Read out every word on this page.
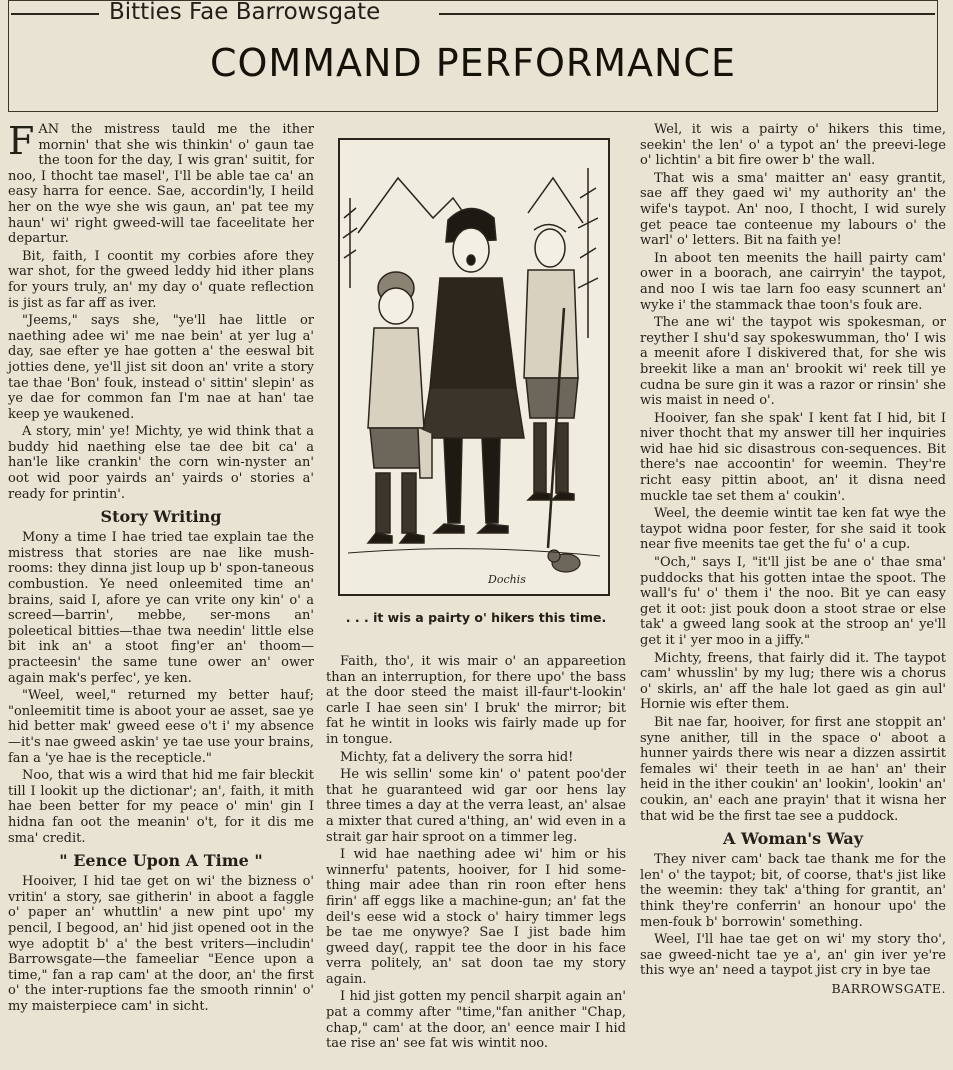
Bitties Fae Barrowsgate
COMMAND PERFORMANCE

FAN the mistress tauld me the ither mornin' that she wis thinkin' o' gaun tae the toon for the day, I wis gran' suitit, for noo, I thocht tae masel', I'll be able tae ca' an easy harra for eence. Sae, accordin'ly, I heild her on the wye she wis gaun, an' pat tee my haun' wi' right gweed-will tae faceelitate her departur.

Bit, faith, I coontit my corbies afore they war shot, for the gweed leddy hid ither plans for yours truly, an' my day o' quate reflection is jist as far aff as iver.

"Jeems," says she, "ye'll hae little or naething adee wi' me nae bein' at yer lug a' day, sae efter ye hae gotten a' the eeswal bit jotties dene, ye'll jist sit doon an' vrite a story tae thae 'Bon' fouk, instead o' sittin' slepin' as ye dae for common fan I'm nae at han' tae keep ye waukened.

A story, min' ye! Michty, ye wid think that a buddy hid naething else tae dee bit ca' a han'le like crankin' the corn win-nyster an' oot wid poor yairds an' yairds o' stories a' ready for printin'.

Story Writing

Mony a time I hae tried tae explain tae the mistress that stories are nae like mush-rooms: they dinna jist loup up b' spon-taneous combustion. Ye need onleemited time an' brains, said I, afore ye can vrite ony kin' o' a screed—barrin', mebbe, ser-mons an' poleetical bitties—thae twa needin' little else bit ink an' a stoot fing'er an' thoom—practeesin' the same tune ower an' ower again mak's perfec', ye ken.

"Weel, weel," returned my better hauf; "onleemitit time is aboot your ae asset, sae ye hid better mak' gweed eese o't i' my absence—it's nae gweed askin' ye tae use your brains, fan a 'ye hae is the recepticle."

Noo, that wis a wird that hid me fair bleckit till I lookit up the dictionar'; an', faith, it mith hae been better for my peace o' min' gin I hidna fan oot the meanin' o't, for it dis me sma' credit.

" Eence Upon A Time "

Hooiver, I hid tae get on wi' the bizness o' vritin' a story, sae githerin' in aboot a faggle o' paper an' whuttlin' a new pint upo' my pencil, I begood, an' hid jist opened oot in the wye adoptit b' a' the best vriters—includin' Barrowsgate—the fameeliar "Eence upon a time," fan a rap cam' at the door, an' the first o' the inter-ruptions fae the smooth rinnin' o' my maisterpiece cam' in sicht.

Dochis
. . . it wis a pairty o' hikers this time.

Faith, tho', it wis mair o' an appareetion than an interruption, for there upo' the bass at the door steed the maist ill-faur't-lookin' carle I hae seen sin' I bruk' the mirror; bit fat he wintit in looks wis fairly made up for in tongue.

Michty, fat a delivery the sorra hid!

He wis sellin' some kin' o' patent poo'der that he guaranteed wid gar oor hens lay three times a day at the verra least, an' alsae a mixter that cured a'thing, an' wid even in a strait gar hair sproot on a timmer leg.

I wid hae naething adee wi' him or his winnerfu' patents, hooiver, for I hid some-thing mair adee than rin roon efter hens firin' aff eggs like a machine-gun; an' fat the deil's eese wid a stock o' hairy timmer legs be tae me onywye? Sae I jist bade him gweed day(, rappit tee the door in his face verra politely, an' sat doon tae my story again.

I hid jist gotten my pencil sharpit again an' pat a commy after "time,"fan anither "Chap, chap," cam' at the door, an' eence mair I hid tae rise an' see fat wis wintit noo.

Wel, it wis a pairty o' hikers this time, seekin' the len' o' a typot an' the preevi-lege o' lichtin' a bit fire ower b' the wall.

That wis a sma' maitter an' easy grantit, sae aff they gaed wi' my authority an' the wife's taypot. An' noo, I thocht, I wid surely get peace tae conteenue my labours o' the warl' o' letters. Bit na faith ye!

In aboot ten meenits the haill pairty cam' ower in a boorach, ane cairryin' the taypot, and noo I wis tae larn foo easy scunnert an' wyke i' the stammack thae toon's fouk are.

The ane wi' the taypot wis spokesman, or reyther I shu'd say spokeswumman, tho' I wis a meenit afore I diskivered that, for she wis breekit like a man an' brookit wi' reek till ye cudna be sure gin it was a razor or rinsin' she wis maist in need o'.

Hooiver, fan she spak' I kent fat I hid, bit I niver thocht that my answer till her inquiries wid hae hid sic disastrous con-sequences. Bit there's nae accoontin' for weemin. They're richt easy pittin aboot, an' it disna need muckle tae set them a' coukin'.

Weel, the deemie wintit tae ken fat wye the taypot widna poor fester, for she said it took near five meenits tae get the fu' o' a cup.

"Och," says I, "it'll jist be ane o' thae sma' puddocks that his gotten intae the spoot. The wall's fu' o' them i' the noo. Bit ye can easy get it oot: jist pouk doon a stoot strae or else tak' a gweed lang sook at the stroop an' ye'll get it i' yer moo in a jiffy."

Michty, freens, that fairly did it. The taypot cam' whusslin' by my lug; there wis a chorus o' skirls, an' aff the hale lot gaed as gin aul' Hornie wis efter them.

Bit nae far, hooiver, for first ane stoppit an' syne anither, till in the space o' aboot a hunner yairds there wis near a dizzen assirtit females wi' their teeth in ae han' an' their heid in the ither coukin' an' lookin', lookin' an' coukin, an' each ane prayin' that it wisna her that wid be the first tae see a puddock.

A Woman's Way

They niver cam' back tae thank me for the len' o' the taypot; bit, of coorse, that's jist like the weemin: they tak' a'thing for grantit, an' think they're conferrin' an honour upo' the men-fouk b' borrowin' something.

Weel, I'll hae tae get on wi' my story tho', sae gweed-nicht tae ye a', an' gin iver ye're this wye an' need a taypot jist cry in bye tae

BARROWSGATE.
